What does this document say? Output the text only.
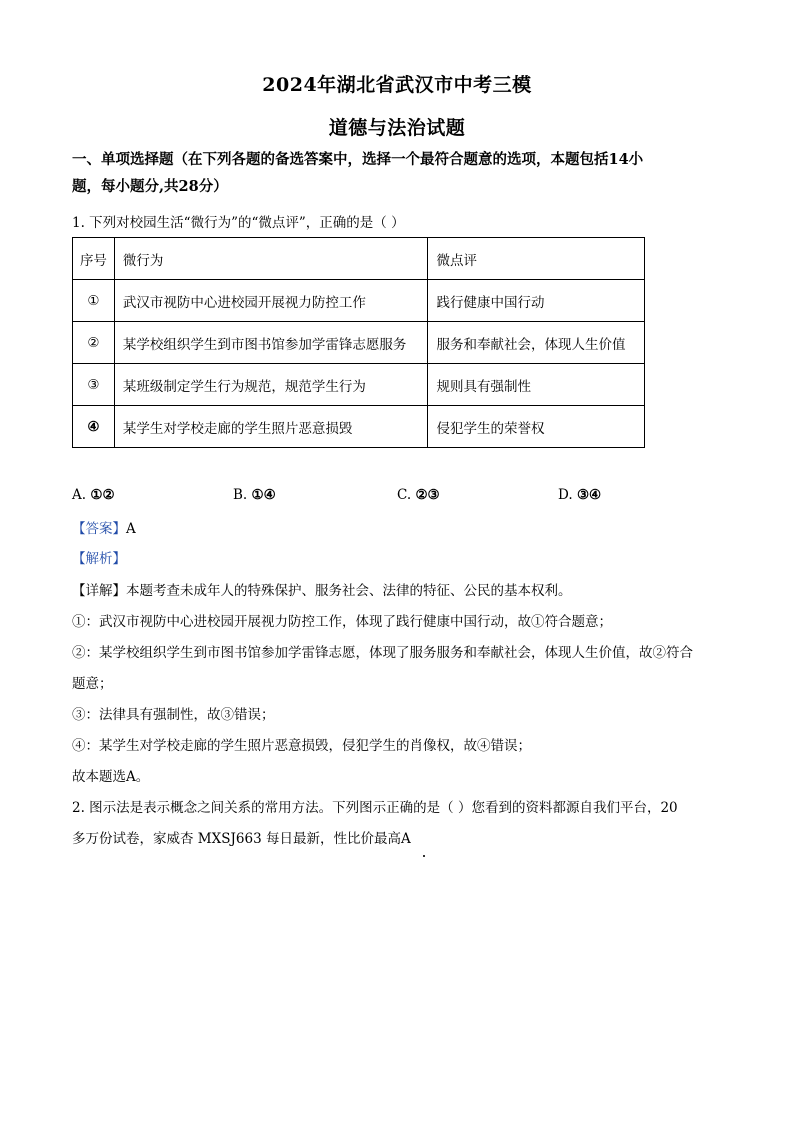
2024年湖北省武汉市中考三模
道德与法治试题
一、单项选择题（在下列各题的备选答案中，选择一个最符合题意的选项，本题包括14小
题，每小题分,共28分）
1. 下列对校园生活“微行为”的“微点评”，正确的是（ ）
序号	微行为	微点评
①	武汉市视防中心进校园开展视力防控工作	践行健康中国行动
②	某学校组织学生到市图书馆参加学雷锋志愿服务	服务和奉献社会，体现人生价值
③	某班级制定学生行为规范，规范学生行为	规则具有强制性
④	某学生对学校走廊的学生照片恶意损毁	侵犯学生的荣誉权
A. ①②	B. ①④	C. ②③	D. ③④
【答案】A
【解析】
【详解】本题考查未成年人的特殊保护、服务社会、法律的特征、公民的基本权利。
①：武汉市视防中心进校园开展视力防控工作，体现了践行健康中国行动，故①符合题意；
②：某学校组织学生到市图书馆参加学雷锋志愿，体现了服务服务和奉献社会，体现人生价值，故②符合
题意；
③：法律具有强制性，故③错误；
④：某学生对学校走廊的学生照片恶意损毁，侵犯学生的肖像权，故④错误；
故本题选A。
2. 图示法是表示概念之间关系的常用方法。下列图示正确的是（ ）您看到的资料都源自我们平台，20
多万份试卷，家威杏 MXSJ663 每日最新，性比价最高A
